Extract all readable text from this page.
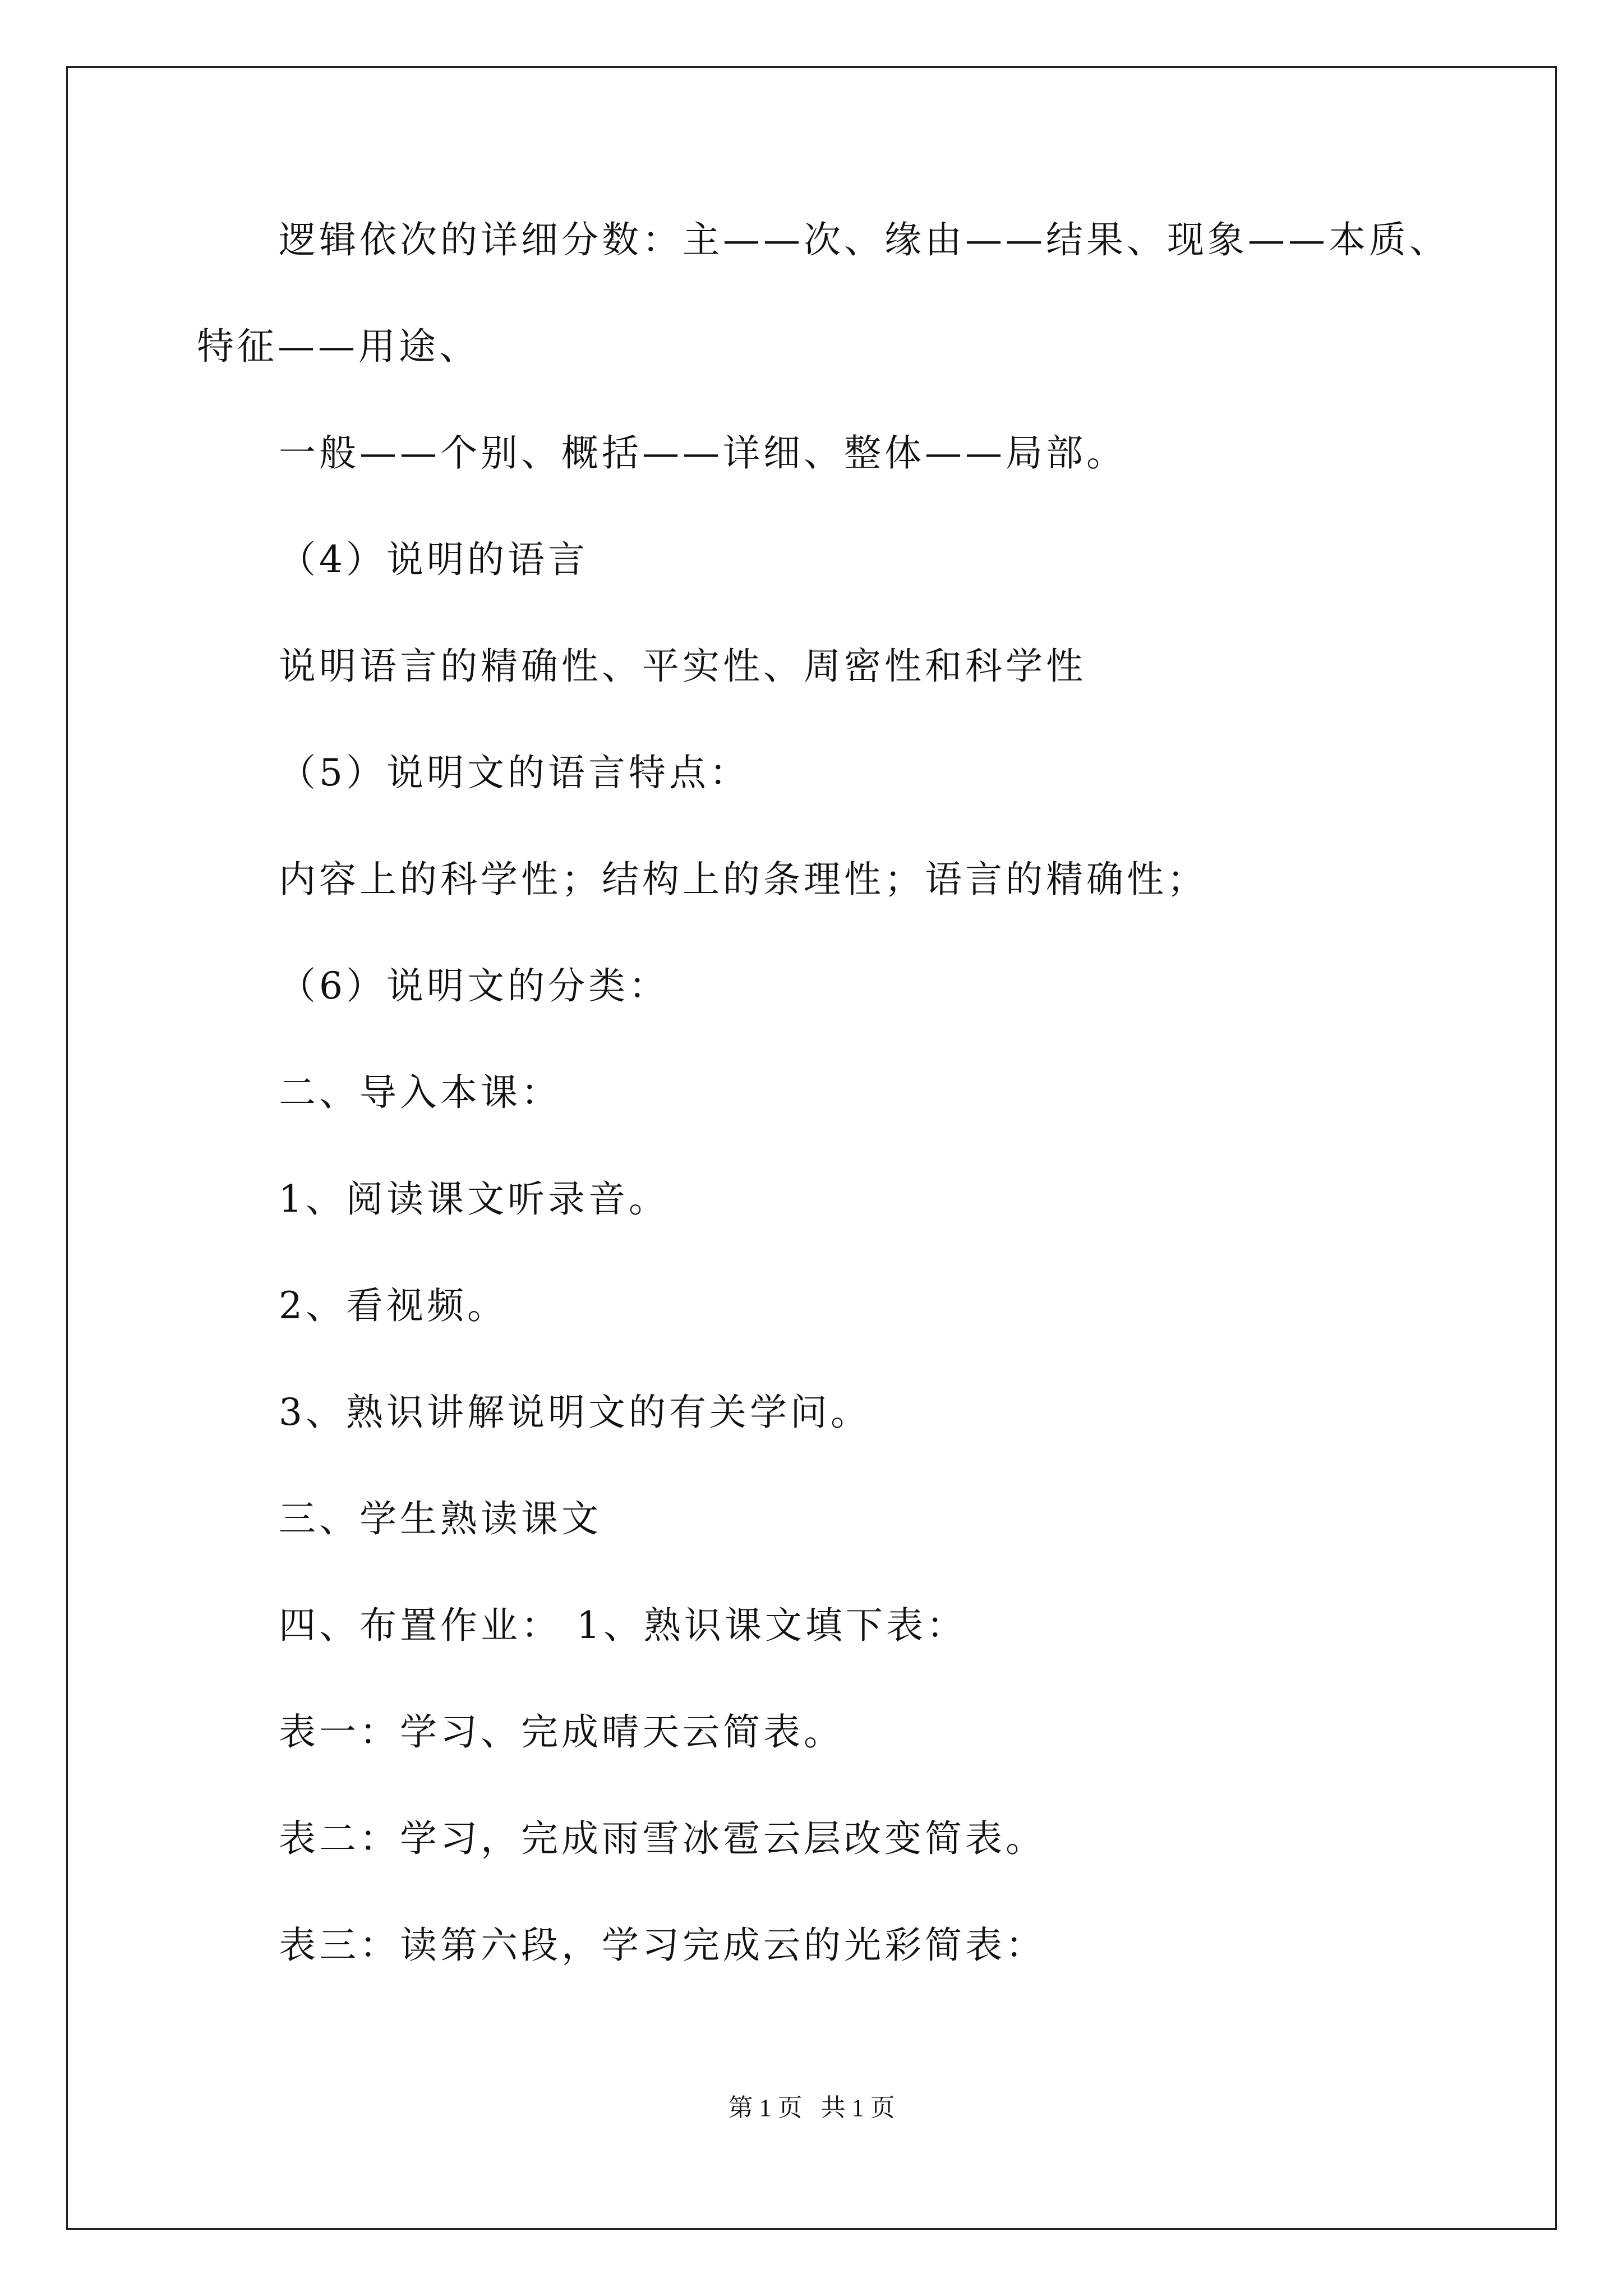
逻辑依次的详细分数：主——次、缘由——结果、现象——本质、
特征——用途、
一般——个别、概括——详细、整体——局部。
（4）说明的语言
说明语言的精确性、平实性、周密性和科学性
（5）说明文的语言特点：
内容上的科学性；结构上的条理性；语言的精确性；
（6）说明文的分类：
二、导入本课：
1、阅读课文听录音。
2、看视频。
3、熟识讲解说明文的有关学问。
三、学生熟读课文
四、布置作业： 1、熟识课文填下表：
表一：学习、完成晴天云简表。
表二：学习，完成雨雪冰雹云层改变简表。
表三：读第六段，学习完成云的光彩简表：
第 1 页   共 1 页
